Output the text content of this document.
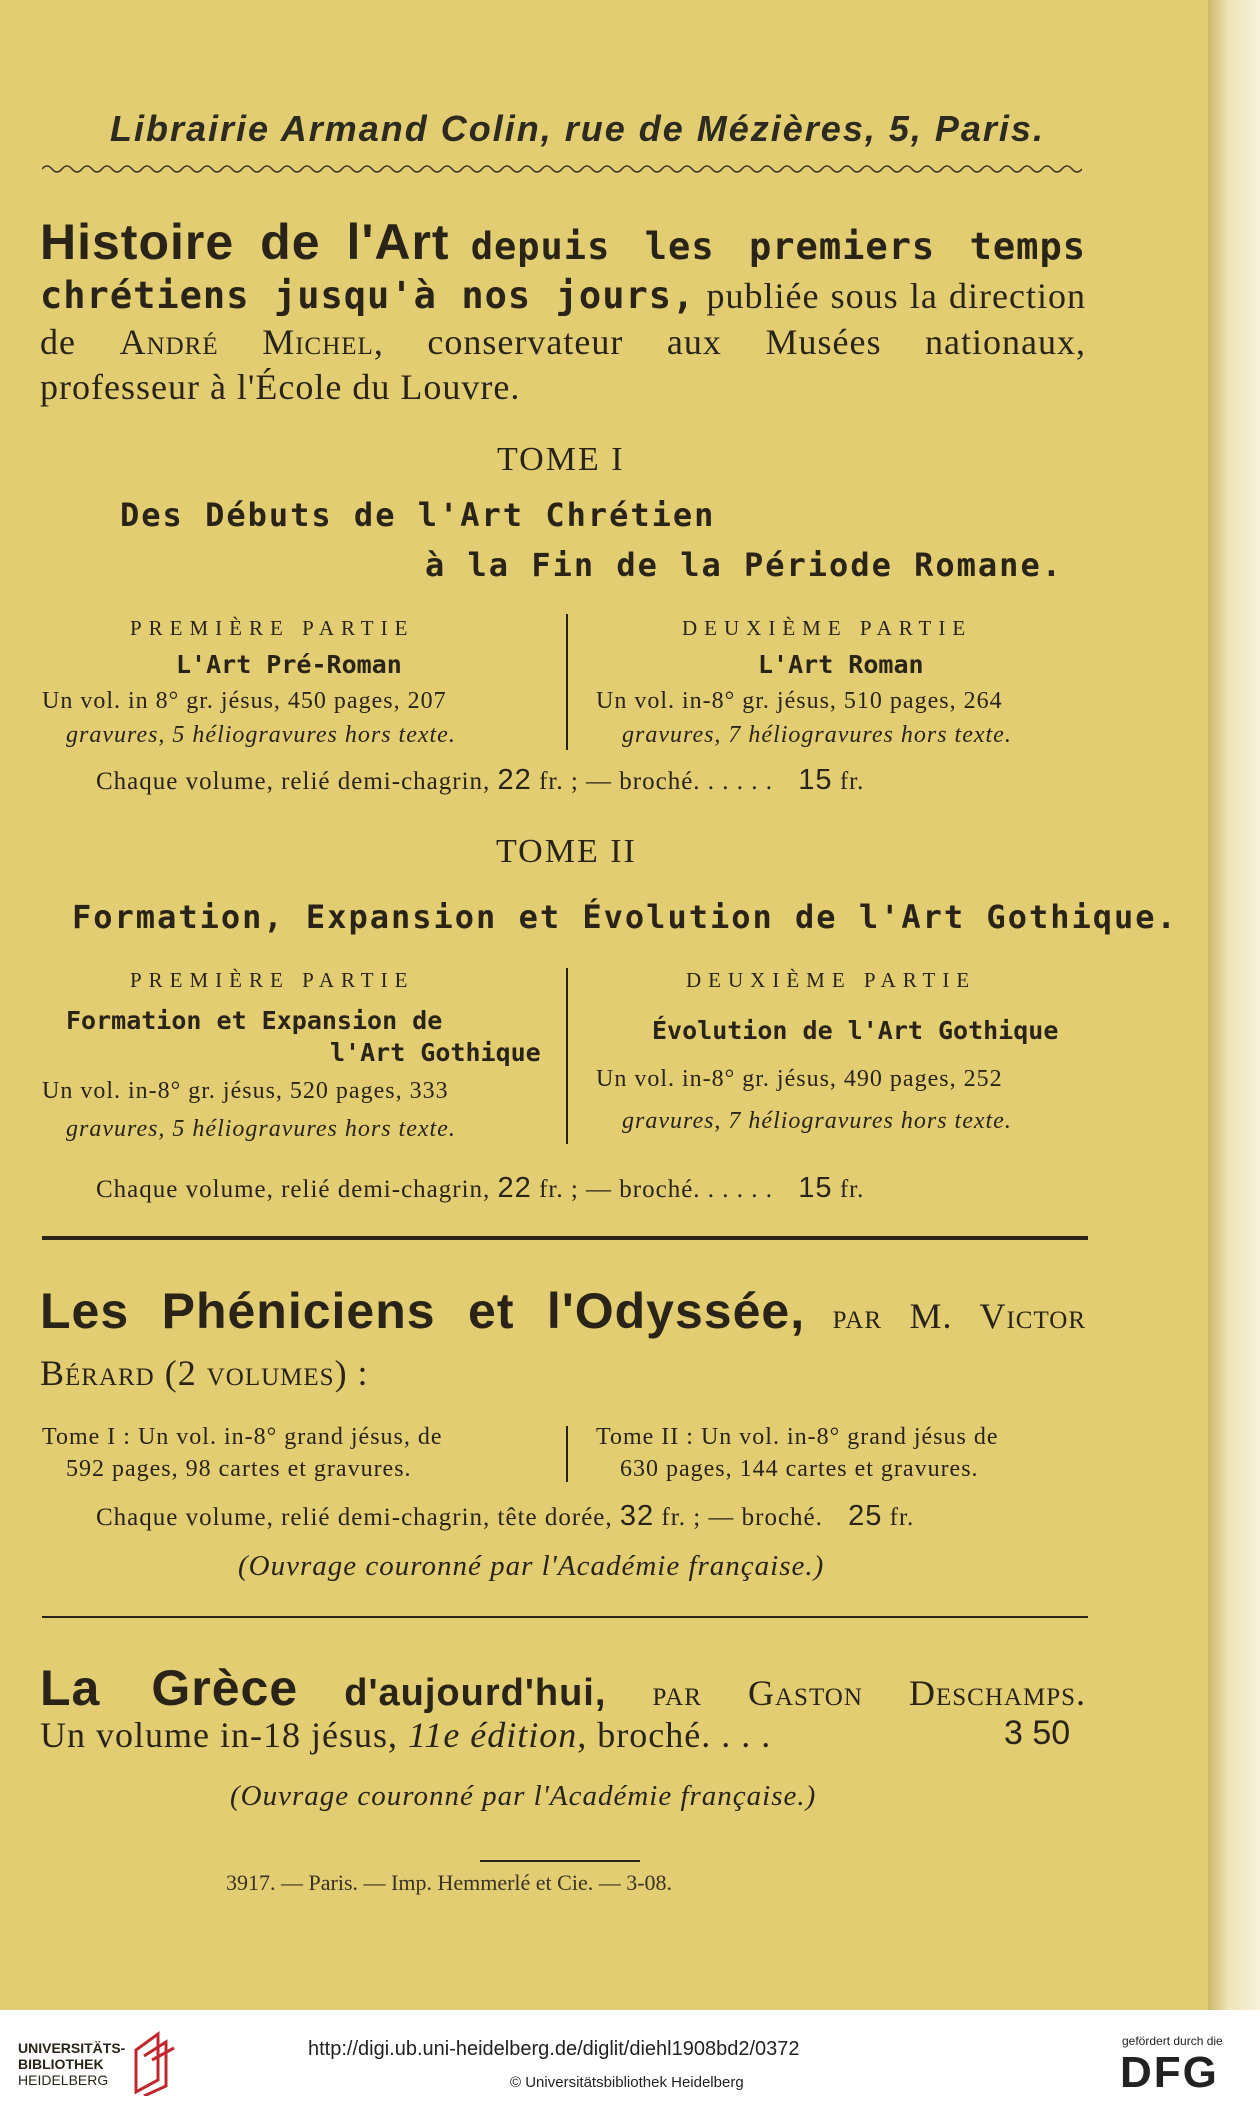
Librairie Armand Colin, rue de Mézières, 5, Paris.
Histoire de l'Art depuis les premiers temps
chrétiens jusqu'à nos jours, publiée sous la direction
de André Michel, conservateur aux Musées nationaux,
professeur à l'École du Louvre.
TOME I
Des Débuts de l'Art Chrétien
à la Fin de la Période Romane.
PREMIÈRE PARTIE
L'Art Pré-Roman
Un vol. in 8° gr. jésus, 450 pages, 207
gravures, 5 héliogravures hors texte.
DEUXIÈME PARTIE
L'Art Roman
Un vol. in-8° gr. jésus, 510 pages, 264
gravures, 7 héliogravures hors texte.
Chaque volume, relié demi-chagrin, 22 fr. ; — broché. . . . . . 15 fr.
TOME II
Formation, Expansion et Évolution de l'Art Gothique.
PREMIÈRE PARTIE
Formation et Expansion de
l'Art Gothique
Un vol. in-8° gr. jésus, 520 pages, 333
gravures, 5 héliogravures hors texte.
DEUXIÈME PARTIE
Évolution de l'Art Gothique
Un vol. in-8° gr. jésus, 490 pages, 252
gravures, 7 héliogravures hors texte.
Chaque volume, relié demi-chagrin, 22 fr. ; — broché. . . . . . 15 fr.
Les Phéniciens et l'Odyssée, par M. Victor
Bérard (2 volumes) :
Tome I : Un vol. in-8° grand jésus, de
592 pages, 98 cartes et gravures.
Tome II : Un vol. in-8° grand jésus de
630 pages, 144 cartes et gravures.
Chaque volume, relié demi-chagrin, tête dorée, 32 fr. ; — broché. 25 fr.
(Ouvrage couronné par l'Académie française.)
La Grèce d'aujourd'hui, par Gaston Deschamps.
Un volume in-18 jésus, 11e édition, broché. . . .	3 50
(Ouvrage couronné par l'Académie française.)
3917. — Paris. — Imp. Hemmerlé et Cie. — 3-08.
UNIVERSITÄTS-
BIBLIOTHEK
HEIDELBERG
http://digi.ub.uni-heidelberg.de/diglit/diehl1908bd2/0372
© Universitätsbibliothek Heidelberg
gefördert durch die
DFG
